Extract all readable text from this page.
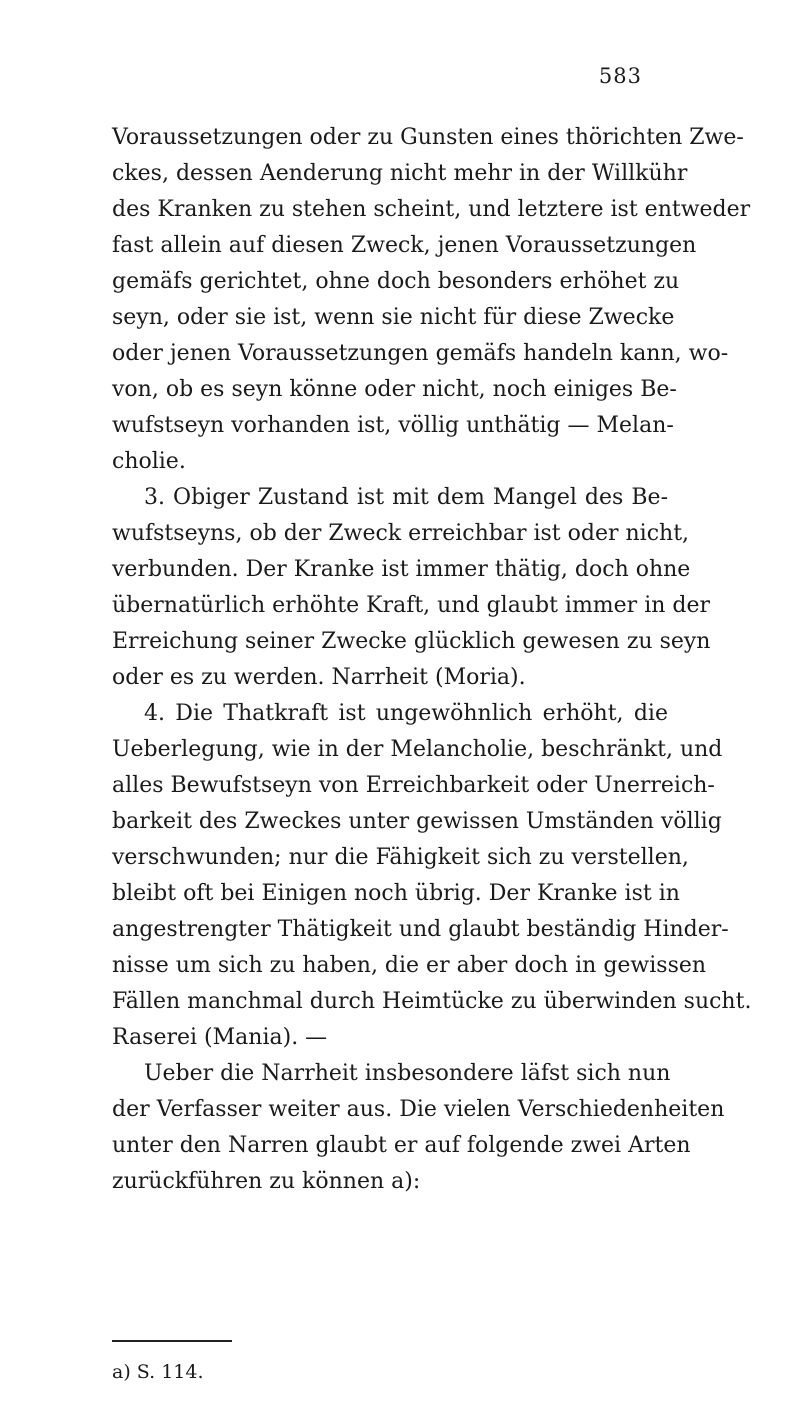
583
Voraussetzungen oder zu Gunsten eines thörichten Zwe-
ckes, dessen Aenderung nicht mehr in der Willkühr
des Kranken zu stehen scheint, und letztere ist entweder
fast allein auf diesen Zweck, jenen Voraussetzungen
gemäfs gerichtet, ohne doch besonders erhöhet zu
seyn, oder sie ist, wenn sie nicht für diese Zwecke
oder jenen Voraussetzungen gemäfs handeln kann, wo-
von, ob es seyn könne oder nicht, noch einiges Be-
wufstseyn vorhanden ist, völlig unthätig — Melan-
cholie.
3. Obiger Zustand ist mit dem Mangel des Be-
wufstseyns, ob der Zweck erreichbar ist oder nicht,
verbunden. Der Kranke ist immer thätig, doch ohne
übernatürlich erhöhte Kraft, und glaubt immer in der
Erreichung seiner Zwecke glücklich gewesen zu seyn
oder es zu werden. Narrheit (Moria).
4. Die Thatkraft ist ungewöhnlich erhöht, die
Ueberlegung, wie in der Melancholie, beschränkt, und
alles Bewufstseyn von Erreichbarkeit oder Unerreich-
barkeit des Zweckes unter gewissen Umständen völlig
verschwunden; nur die Fähigkeit sich zu verstellen,
bleibt oft bei Einigen noch übrig. Der Kranke ist in
angestrengter Thätigkeit und glaubt beständig Hinder-
nisse um sich zu haben, die er aber doch in gewissen
Fällen manchmal durch Heimtücke zu überwinden sucht.
Raserei (Mania). —
Ueber die Narrheit insbesondere läfst sich nun
der Verfasser weiter aus. Die vielen Verschiedenheiten
unter den Narren glaubt er auf folgende zwei Arten
zurückführen zu können a):
a) S. 114.
